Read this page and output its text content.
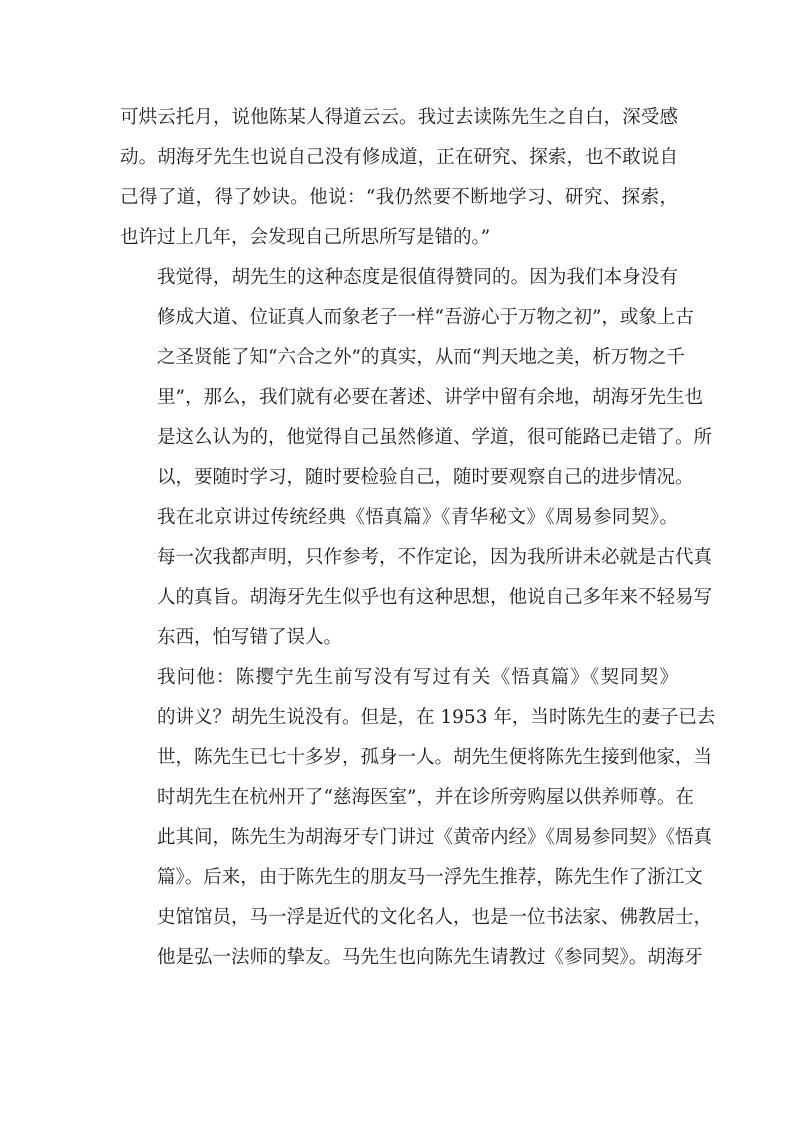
可烘云托月，说他陈某人得道云云。我过去读陈先生之自白，深受感
动。胡海牙先生也说自己没有修成道，正在研究、探索，也不敢说自
己得了道，得了妙诀。他说：“我仍然要不断地学习、研究、探索，
也许过上几年，会发现自己所思所写是错的。”
我觉得，胡先生的这种态度是很值得赞同的。因为我们本身没有
修成大道、位证真人而象老子一样“吾游心于万物之初”，或象上古
之圣贤能了知“六合之外”的真实，从而“判天地之美，析万物之千
里”，那么，我们就有必要在著述、讲学中留有余地，胡海牙先生也
是这么认为的，他觉得自己虽然修道、学道，很可能路已走错了。所
以，要随时学习，随时要检验自己，随时要观察自己的进步情况。
我在北京讲过传统经典《悟真篇》《青华秘文》《周易参同契》。
每一次我都声明，只作参考，不作定论，因为我所讲未必就是古代真
人的真旨。胡海牙先生似乎也有这种思想，他说自己多年来不轻易写
东西，怕写错了误人。
我问他：陈撄宁先生前写没有写过有关《悟真篇》《契同契》
的讲义？胡先生说没有。但是，在 1953 年，当时陈先生的妻子已去
世，陈先生已七十多岁，孤身一人。胡先生便将陈先生接到他家，当
时胡先生在杭州开了“慈海医室”，并在诊所旁购屋以供养师尊。在
此其间，陈先生为胡海牙专门讲过《黄帝内经》《周易参同契》《悟真
篇》。后来，由于陈先生的朋友马一浮先生推荐，陈先生作了浙江文
史馆馆员，马一浮是近代的文化名人，也是一位书法家、佛教居士，
他是弘一法师的挚友。马先生也向陈先生请教过《参同契》。胡海牙
